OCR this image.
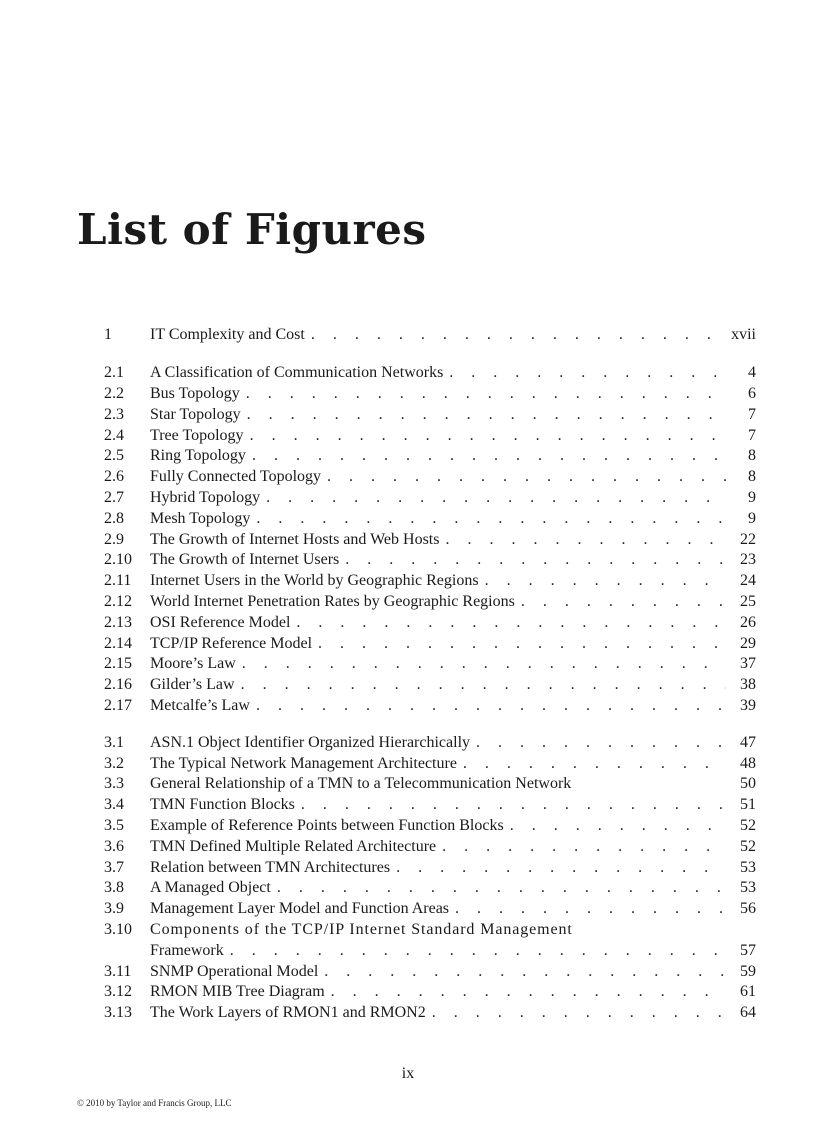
List of Figures
1	IT Complexity and Cost . . .	xvii
2.1	A Classification of Communication Networks . . .	4
2.2	Bus Topology . . .	6
2.3	Star Topology . . .	7
2.4	Tree Topology . . .	7
2.5	Ring Topology . . .	8
2.6	Fully Connected Topology . . .	8
2.7	Hybrid Topology . . .	9
2.8	Mesh Topology . . .	9
2.9	The Growth of Internet Hosts and Web Hosts . . .	22
2.10	The Growth of Internet Users . . .	23
2.11	Internet Users in the World by Geographic Regions . . .	24
2.12	World Internet Penetration Rates by Geographic Regions . . .	25
2.13	OSI Reference Model . . .	26
2.14	TCP/IP Reference Model . . .	29
2.15	Moore’s Law . . .	37
2.16	Gilder’s Law . . .	38
2.17	Metcalfe’s Law . . .	39
3.1	ASN.1 Object Identifier Organized Hierarchically . . .	47
3.2	The Typical Network Management Architecture . . .	48
3.3	General Relationship of a TMN to a Telecommunication Network	50
3.4	TMN Function Blocks . . .	51
3.5	Example of Reference Points between Function Blocks . . .	52
3.6	TMN Defined Multiple Related Architecture . . .	52
3.7	Relation between TMN Architectures . . .	53
3.8	A Managed Object . . .	53
3.9	Management Layer Model and Function Areas . . .	56
3.10	Components of the TCP/IP Internet Standard Management
Framework . . .	57
3.11	SNMP Operational Model . . .	59
3.12	RMON MIB Tree Diagram . . .	61
3.13	The Work Layers of RMON1 and RMON2 . . .	64
ix
© 2010 by Taylor and Francis Group, LLC
